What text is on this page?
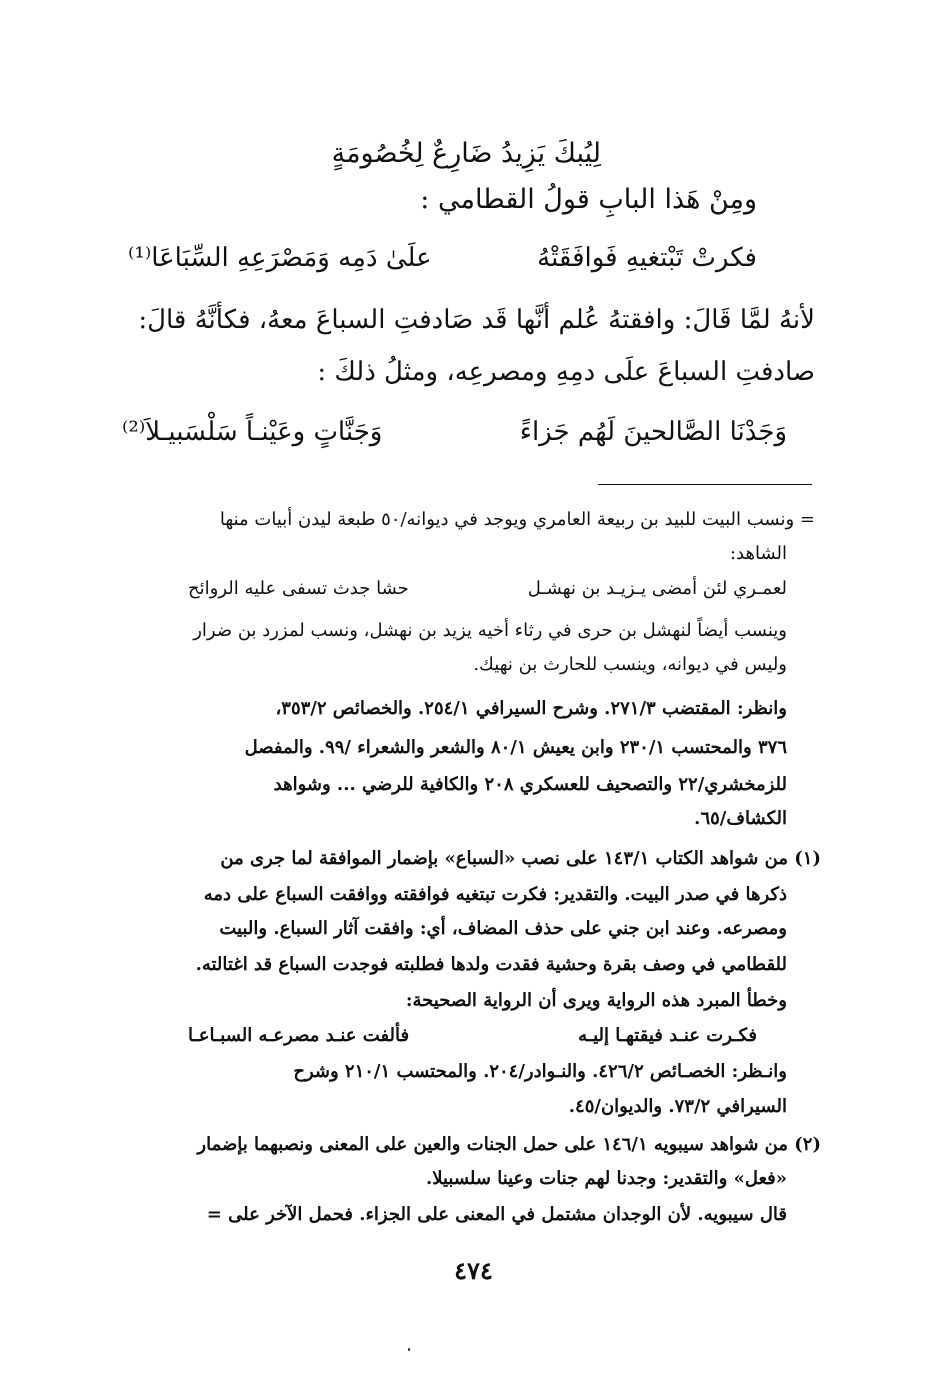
لِيُبكَ يَزِيدُ ضَارِعٌ لِخُصُومَةٍ
ومِنْ هَذا البابِ قولُ القطامي :
فكرتْ تَبْتغيهِ فَوافَقَتْهُ
علَىٰ دَمِه وَمَصْرَعِهِ السِّبَاعَا⁽¹⁾
لأنهُ لمَّا قَالَ: وافقتهُ عُلم أنَّها قَد صَادفتِ السباعَ معهُ، فكأنَّهُ قالَ:
صادفتِ السباعَ علَى دمِهِ ومصرعِه، ومثلُ ذلكَ :
وَجَدْنَا الصَّالحينَ لَهُم جَزاءً
وَجَنَّاتٍ وعَيْنـاً سَلْسَبيـلاَ⁽²⁾
= ونسب البيت للبيد بن ربيعة العامري ويوجد في ديوانه/٥٠ طبعة ليدن أبيات منها
الشاهد:
لعمـري لئن أمضى يـزيـد بن نهشـل
حشا جدث تسفى عليه الروائح
وينسب أيضاً لنهشل بن حرى في رثاء أخيه يزيد بن نهشل، ونسب لمزرد بن ضرار
وليس في ديوانه، وينسب للحارث بن نهيك.
وانظر: المقتضب ٢٧١/٣. وشرح السيرافي ٢٥٤/١. والخصائص ٣٥٣/٢،
٣٧٦ والمحتسب ٢٣٠/١ وابن يعيش ٨٠/١ والشعر والشعراء /٩٩. والمفصل
للزمخشري/٢٢ والتصحيف للعسكري ٢٠٨ والكافية للرضي ... وشواهد
الكشاف/٦٥.
(١) من شواهد الكتاب ١٤٣/١ على نصب «السباع» بإضمار الموافقة لما جرى من
ذكرها في صدر البيت. والتقدير: فكرت تبتغيه فوافقته ووافقت السباع على دمه
ومصرعه. وعند ابن جني على حذف المضاف، أي: وافقت آثار السباع. والبيت
للقطامي في وصف بقرة وحشية فقدت ولدها فطلبته فوجدت السباع قد اغتالته.
وخطأ المبرد هذه الرواية ويرى أن الرواية الصحيحة:
فكـرت عنـد فيقتهـا إليـه
فألفت عنـد مصرعـه السبـاعـا
وانـظر: الخصـائص ٤٢٦/٢. والنـوادر/٢٠٤. والمحتسب ٢١٠/١ وشرح
السيرافي ٧٣/٢. والديوان/٤٥.
(٢) من شواهد سيبويه ١٤٦/١ على حمل الجنات والعين على المعنى ونصبهما بإضمار
«فعل» والتقدير: وجدنا لهم جنات وعينا سلسبيلا.
قال سيبويه. لأن الوجدان مشتمل في المعنى على الجزاء. فحمل الآخر على =
٤٧٤
